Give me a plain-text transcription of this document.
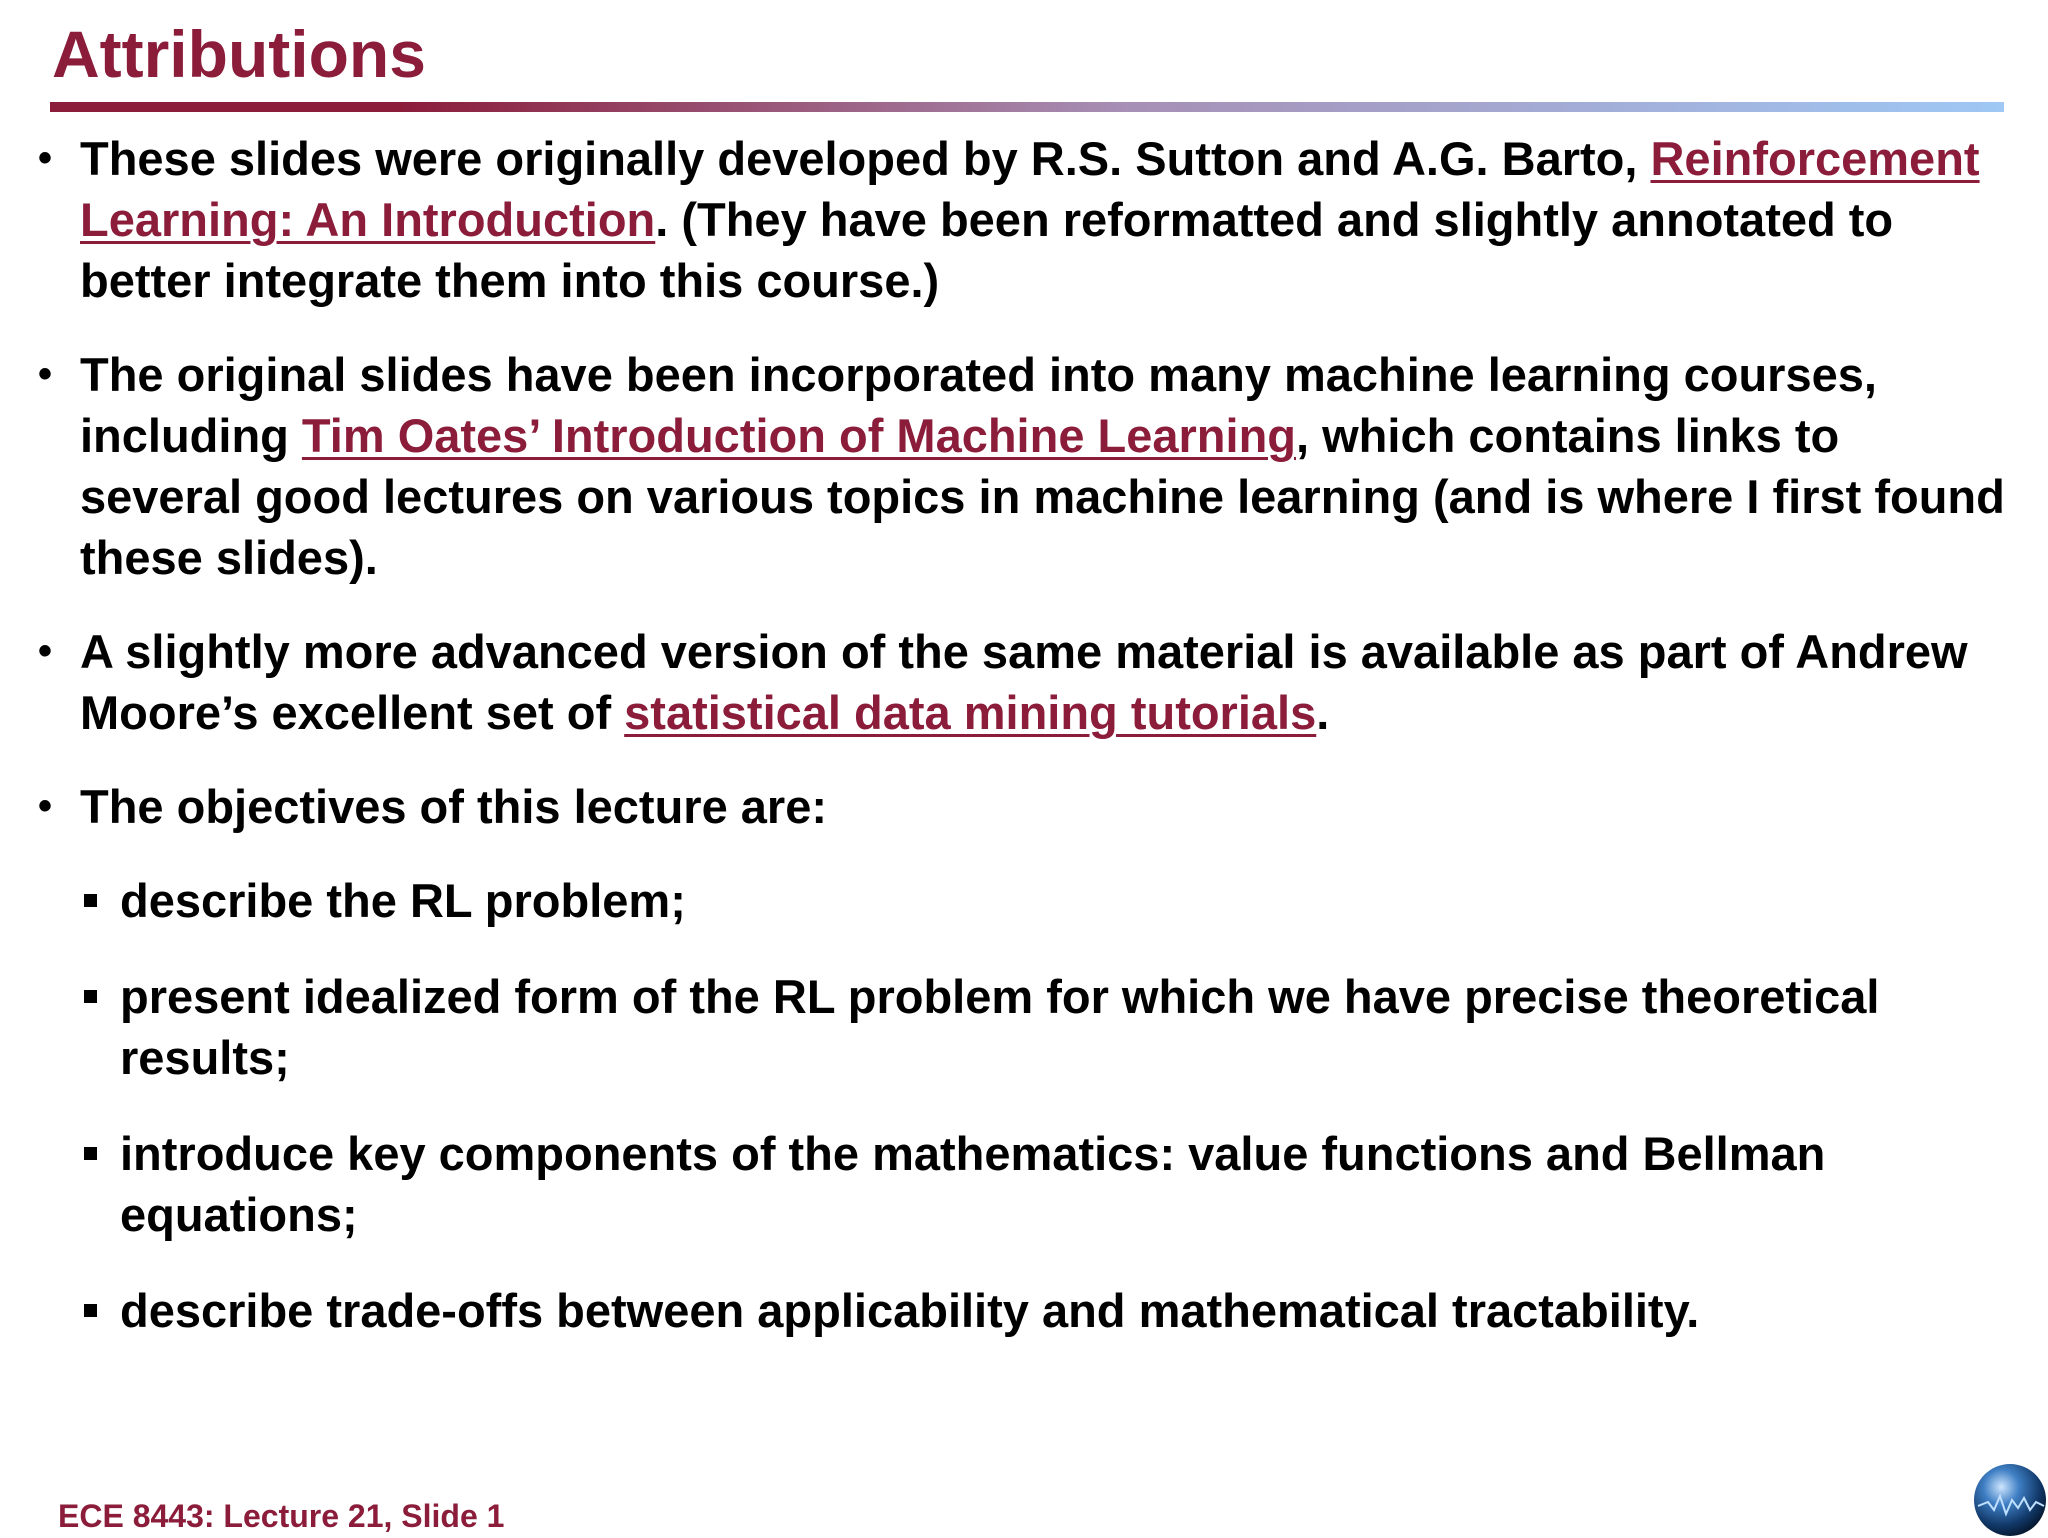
Attributions
• These slides were originally developed by R.S. Sutton and A.G. Barto, Reinforcement Learning: An Introduction. (They have been reformatted and slightly annotated to better integrate them into this course.)
• The original slides have been incorporated into many machine learning courses, including Tim Oates’ Introduction of Machine Learning, which contains links to several good lectures on various topics in machine learning (and is where I first found these slides).
• A slightly more advanced version of the same material is available as part of Andrew Moore’s excellent set of statistical data mining tutorials.
• The objectives of this lecture are:
describe the RL problem;
present idealized form of the RL problem for which we have precise theoretical results;
introduce key components of the mathematics: value functions and Bellman equations;
describe trade-offs between applicability and mathematical tractability.
ECE 8443: Lecture 21, Slide 1
